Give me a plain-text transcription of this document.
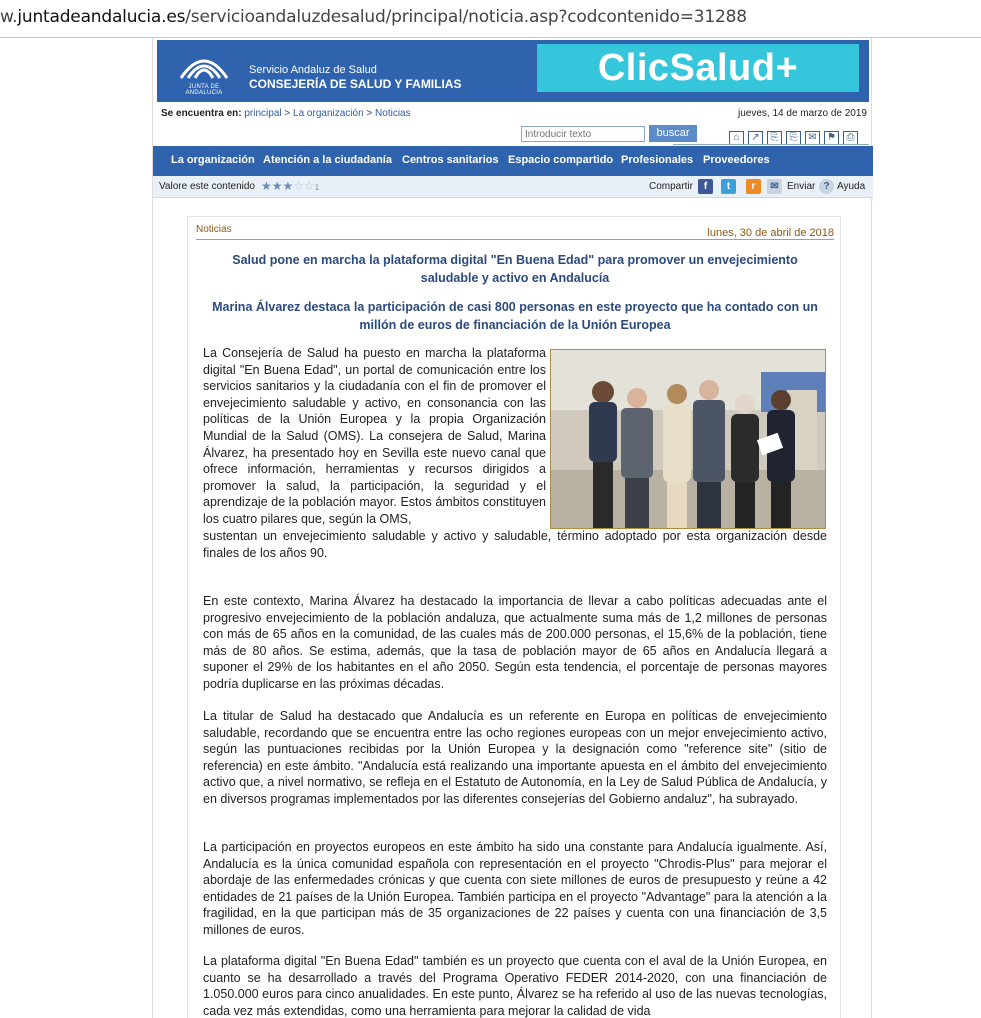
w.juntadeandalucia.es/servicioandaluzdesalud/principal/noticia.asp?codcontenido=31288
JUNTA DE ANDALUCIA
Servicio Andaluz de Salud
CONSEJERÍA DE SALUD Y FAMILIAS	ClicSalud+
Se encuentra en: principal > La organización > Noticias	jueves, 14 de marzo de 2019
Introducir texto
buscar	⌂ ↗ ⎘ ⎘ ✉ ⚑ ⎙
La organización Atención a la ciudadanía Centros sanitarios Espacio compartido Profesionales Proveedores
Valore este contenido ★★★☆☆1	Compartir	f	t	r	✉ Enviar ? Ayuda
Noticias	lunes, 30 de abril de 2018
Salud pone en marcha la plataforma digital "En Buena Edad" para promover un envejecimiento saludable y activo en Andalucía
Marina Álvarez destaca la participación de casi 800 personas en este proyecto que ha contado con un millón de euros de financiación de la Unión Europea
La Consejería de Salud ha puesto en marcha la plataforma digital "En Buena Edad", un portal de comunicación entre los servicios sanitarios y la ciudadanía con el fin de promover el envejecimiento saludable y activo, en consonancia con las políticas de la Unión Europea y la propia Organización Mundial de la Salud (OMS). La consejera de Salud, Marina Álvarez, ha presentado hoy en Sevilla este nuevo canal que ofrece información, herramientas y recursos dirigidos a promover la salud, la participación, la seguridad y el aprendizaje de la población mayor. Estos ámbitos constituyen los cuatro pilares que, según la OMS,
sustentan un envejecimiento saludable y activo y saludable, término adoptado por esta organización desde finales de los años 90.
En este contexto, Marina Álvarez ha destacado la importancia de llevar a cabo políticas adecuadas ante el progresivo envejecimiento de la población andaluza, que actualmente suma más de 1,2 millones de personas con más de 65 años en la comunidad, de las cuales más de 200.000 personas, el 15,6% de la población, tiene más de 80 años. Se estima, además, que la tasa de población mayor de 65 años en Andalucía llegará a suponer el 29% de los habitantes en el año 2050. Según esta tendencia, el porcentaje de personas mayores podría duplicarse en las próximas décadas.
La titular de Salud ha destacado que Andalucía es un referente en Europa en políticas de envejecimiento saludable, recordando que se encuentra entre las ocho regiones europeas con un mejor envejecimiento activo, según las puntuaciones recibidas por la Unión Europea y la designación como "reference site" (sitio de referencia) en este ámbito. "Andalucía está realizando una importante apuesta en el ámbito del envejecimiento activo que, a nivel normativo, se refleja en el Estatuto de Autonomía, en la Ley de Salud Pública de Andalucía, y en diversos programas implementados por las diferentes consejerías del Gobierno andaluz", ha subrayado.
La participación en proyectos europeos en este ámbito ha sido una constante para Andalucía igualmente. Así, Andalucía es la única comunidad española con representación en el proyecto "Chrodis-Plus" para mejorar el abordaje de las enfermedades crónicas y que cuenta con siete millones de euros de presupuesto y reúne a 42 entidades de 21 países de la Unión Europea. También participa en el proyecto "Advantage" para la atención a la fragilidad, en la que participan más de 35 organizaciones de 22 países y cuenta con una financiación de 3,5 millones de euros.
La plataforma digital "En Buena Edad" también es un proyecto que cuenta con el aval de la Unión Europea, en cuanto se ha desarrollado a través del Programa Operativo FEDER 2014-2020, con una financiación de 1.050.000 euros para cinco anualidades. En este punto, Álvarez se ha referido al uso de las nuevas tecnologías, cada vez más extendidas, como una herramienta para mejorar la calidad de vida
